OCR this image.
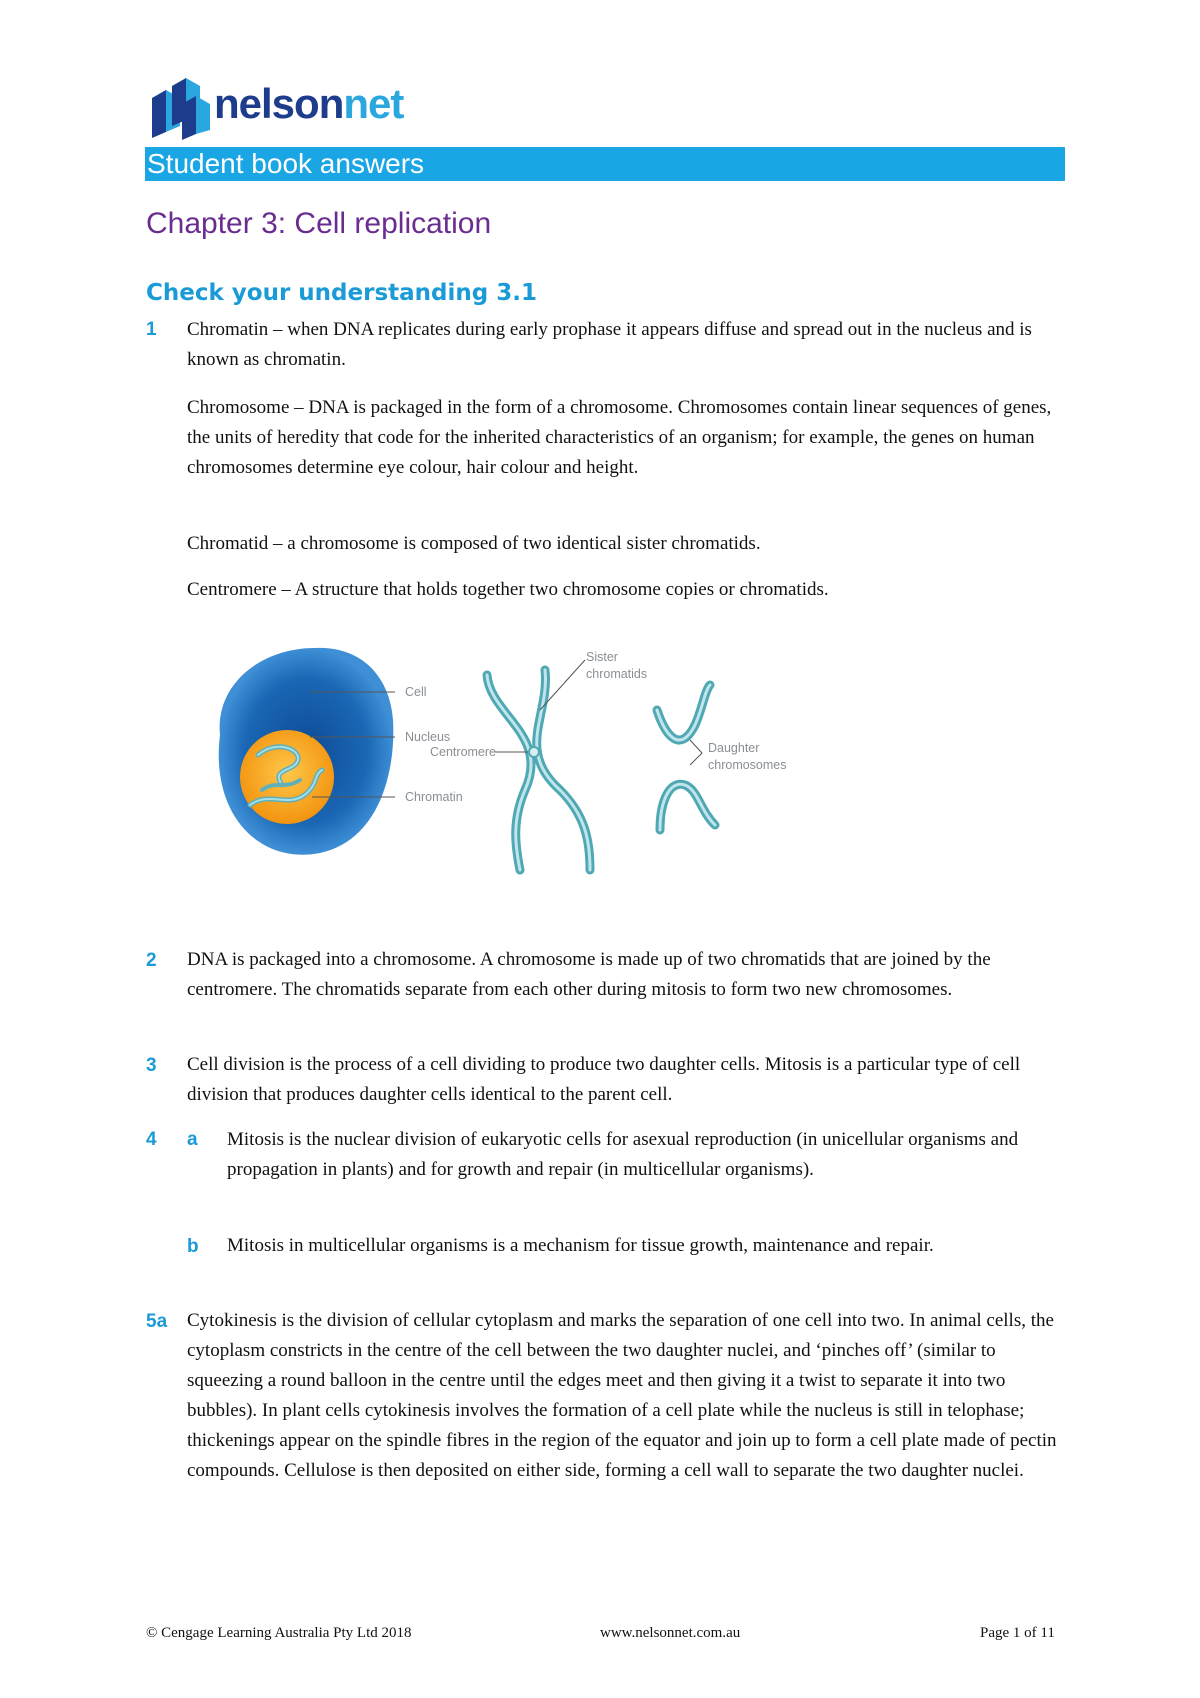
nelsonnet
Student book answers
Chapter 3: Cell replication
Check your understanding 3.1
1 Chromatin – when DNA replicates during early prophase it appears diffuse and spread out in the nucleus and is known as chromatin.

Chromosome – DNA is packaged in the form of a chromosome. Chromosomes contain linear sequences of genes, the units of heredity that code for the inherited characteristics of an organism; for example, the genes on human chromosomes determine eye colour, hair colour and height.

Chromatid – a chromosome is composed of two identical sister chromatids.

Centromere – A structure that holds together two chromosome copies or chromatids.

Cell
Nucleus
Chromatin
Centromere
Sister
chromatids
Daughter
chromosomes
2 DNA is packaged into a chromosome. A chromosome is made up of two chromatids that are joined by the centromere. The chromatids separate from each other during mitosis to form two new chromosomes.

3 Cell division is the process of a cell dividing to produce two daughter cells. Mitosis is a particular type of cell division that produces daughter cells identical to the parent cell.

4 a Mitosis is the nuclear division of eukaryotic cells for asexual reproduction (in unicellular organisms and propagation in plants) and for growth and repair (in multicellular organisms).

b Mitosis in multicellular organisms is a mechanism for tissue growth, maintenance and repair.

5a Cytokinesis is the division of cellular cytoplasm and marks the separation of one cell into two. In animal cells, the cytoplasm constricts in the centre of the cell between the two daughter nuclei, and ‘pinches off’ (similar to squeezing a round balloon in the centre until the edges meet and then giving it a twist to separate it into two bubbles). In plant cells cytokinesis involves the formation of a cell plate while the nucleus is still in telophase; thickenings appear on the spindle fibres in the region of the equator and join up to form a cell plate made of pectin compounds. Cellulose is then deposited on either side, forming a cell wall to separate the two daughter nuclei.

© Cengage Learning Australia Pty Ltd 2018	www.nelsonnet.com.au	Page 1 of 11
